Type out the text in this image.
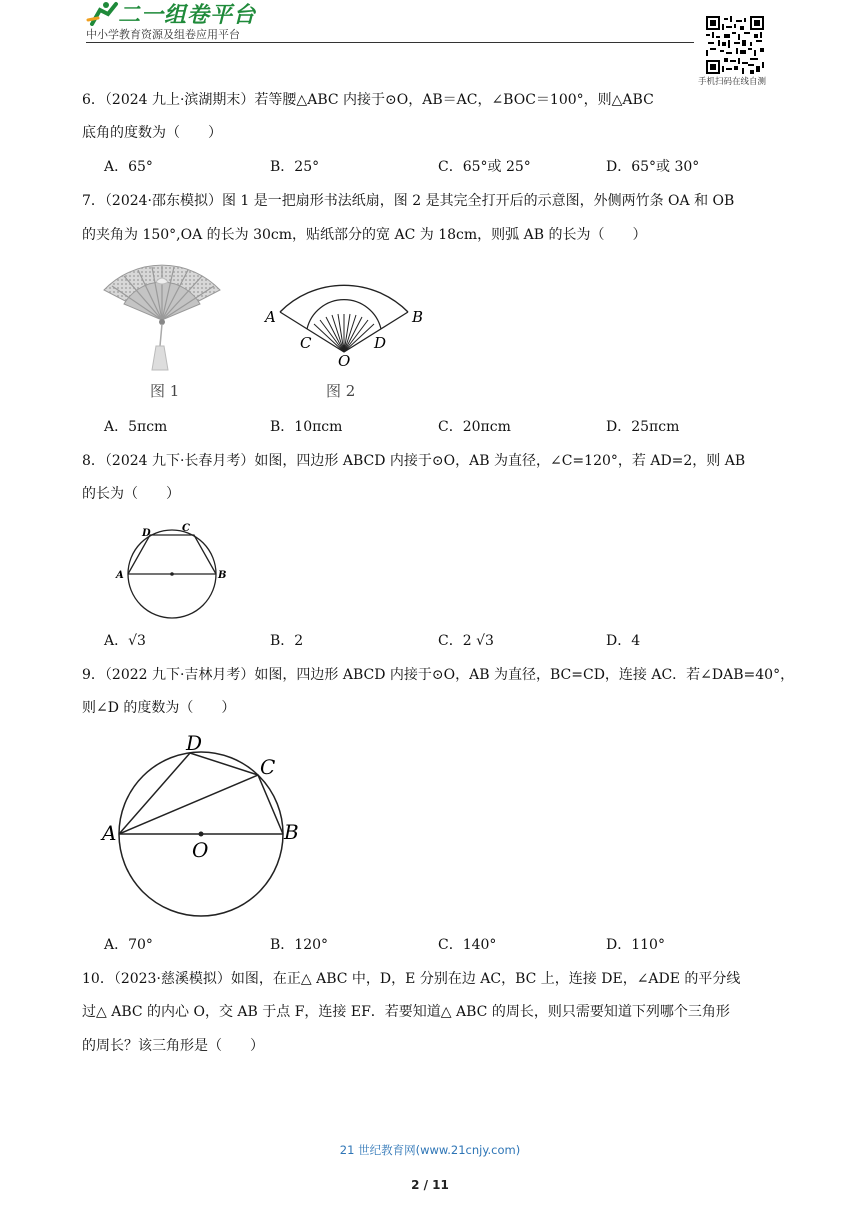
二一组卷平台
中小学教育资源及组卷应用平台
手机扫码在线自测
6．（2024 九上·滨湖期末）若等腰△ABC 内接于⊙O，AB＝AC，∠BOC＝100°，则△ABC
底角的度数为（　　）
A．65°	B．25°	C．65°或 25°	D．65°或 30°
7．（2024·邵东模拟）图 1 是一把扇形书法纸扇，图 2 是其完全打开后的示意图，外侧两竹条 OA 和 OB
的夹角为 150°,OA 的长为 30cm，贴纸部分的宽 AC 为 18cm，则弧 AB 的长为（　　）
图 1
A	B
C	D
O
图 2
A．5πcm	B．10πcm	C．20πcm	D．25πcm
8．（2024 九下·长春月考）如图，四边形 ABCD 内接于⊙O，AB 为直径，∠C=120°，若 AD=2，则 AB
的长为（　　）
A	B
C
D
A．√3	B．2	C．2 √3	D．4
9．（2022 九下·吉林月考）如图，四边形 ABCD 内接于⊙O，AB 为直径，BC=CD，连接 AC．若∠DAB=40°，
则∠D 的度数为（　　）
A	B
C
D
O
A．70°	B．120°	C．140°	D．110°
10．（2023·慈溪模拟）如图，在正△ ABC 中，D，E 分别在边 AC，BC 上，连接 DE，∠ADE 的平分线
过△ ABC 的内心 O，交 AB 于点 F，连接 EF．若要知道△ ABC 的周长，则只需要知道下列哪个三角形
的周长？该三角形是（　　）
21 世纪教育网(www.21cnjy.com)
2 / 11
